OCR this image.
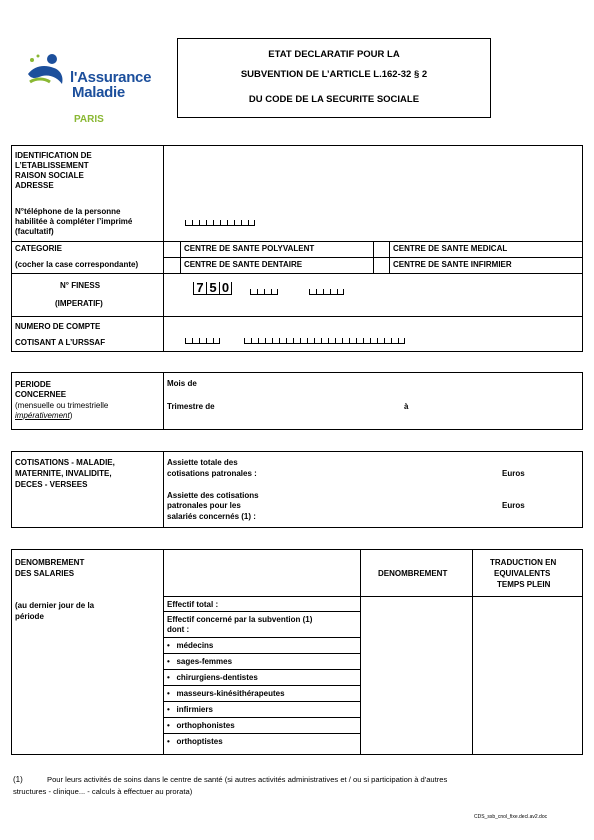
l'Assurance
Maladie
PARIS
ETAT DECLARATIF POUR LA
SUBVENTION DE L’ARTICLE L.162-32 § 2
DU CODE DE LA SECURITE SOCIALE
IDENTIFICATION DE
L’ETABLISSEMENT
RAISON SOCIALE
ADRESSE
N°téléphone de la personne
habilitée à compléter l’imprimé
(facultatif)
CATEGORIE
(cocher la case correspondante)
CENTRE DE SANTE POLYVALENT	CENTRE DE SANTE MEDICAL
CENTRE DE SANTE DENTAIRE	CENTRE DE SANTE INFIRMIER
N° FINESS
(IMPERATIF)
7 5 0
NUMERO DE COMPTE
COTISANT A L’URSSAF
PERIODE
CONCERNEE
(mensuelle ou trimestrielle
impérativement)
Mois de
Trimestre de	à
COTISATIONS - MALADIE,
MATERNITE, INVALIDITE,
DECES - VERSEES
Assiette totale des
cotisations patronales :	Euros
Assiette des cotisations
patronales pour les
salariés concernés (1) :
Euros
DENOMBREMENT
DES SALARIES
(au dernier jour de la
période
DENOMBREMENT
TRADUCTION EN
EQUIVALENTS
TEMPS PLEIN
Effectif total :
Effectif concerné par la subvention (1)
dont :
•   médecins
•   sages-femmes
•   chirurgiens-dentistes
•   masseurs-kinésithérapeutes
•   infirmiers
•   orthophonistes
•   orthoptistes
(1)	Pour leurs activités de soins dans le centre de santé (si autres activités administratives et / ou si participation à d'autres
structures - clinique... - calculs à effectuer au prorata)
CDS_ssb_cnol_fixe.decl.av2.doc
